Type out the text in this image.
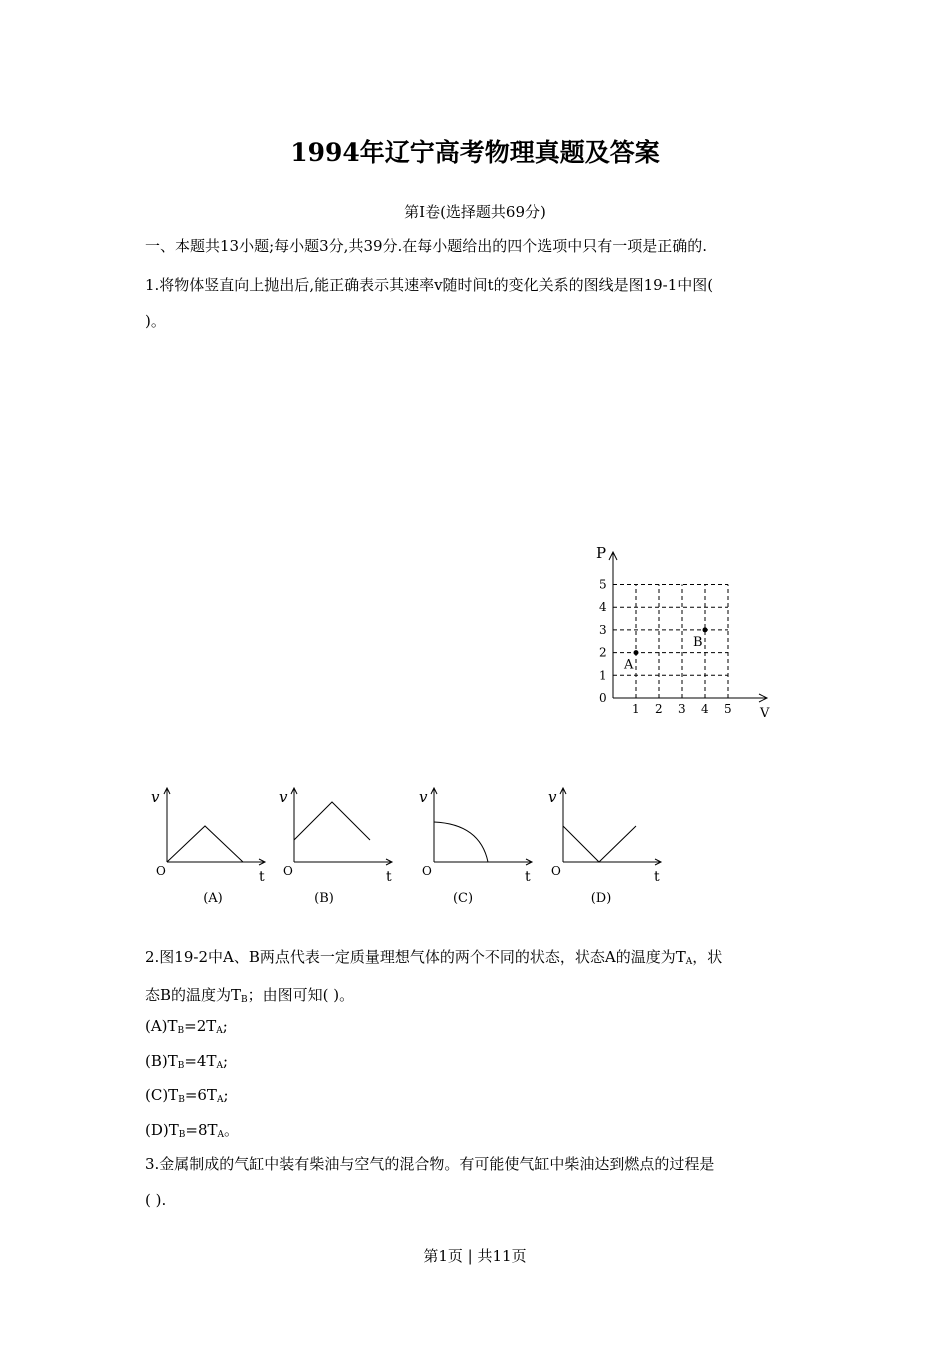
1994年辽宁高考物理真题及答案
第Ⅰ卷(选择题共69分)
一、本题共13小题;每小题3分,共39分.在每小题给出的四个选项中只有一项是正确的.
1.将物体竖直向上抛出后,能正确表示其速率v随时间t的变化关系的图线是图19-1中图(
)。
0
1
1
2
2
3
3
4
4
5
5
P
V
A
B
v
O	t
v
O	t
v
O	t
v
O	t
(A)	(B)	(C)	(D)
2.图19-2中A、B两点代表一定质量理想气体的两个不同的状态，状态A的温度为$T_A$，状
态B的温度为$T_B$；由图可知( )。
$(A)T_B=2T_A$;
$(B)T_B=4T_A$;
$(C)T_B=6T_A$;
$(D)T_B=8T_A$。
3.金属制成的气缸中装有柴油与空气的混合物。有可能使气缸中柴油达到燃点的过程是
( ).
第1页 | 共11页
